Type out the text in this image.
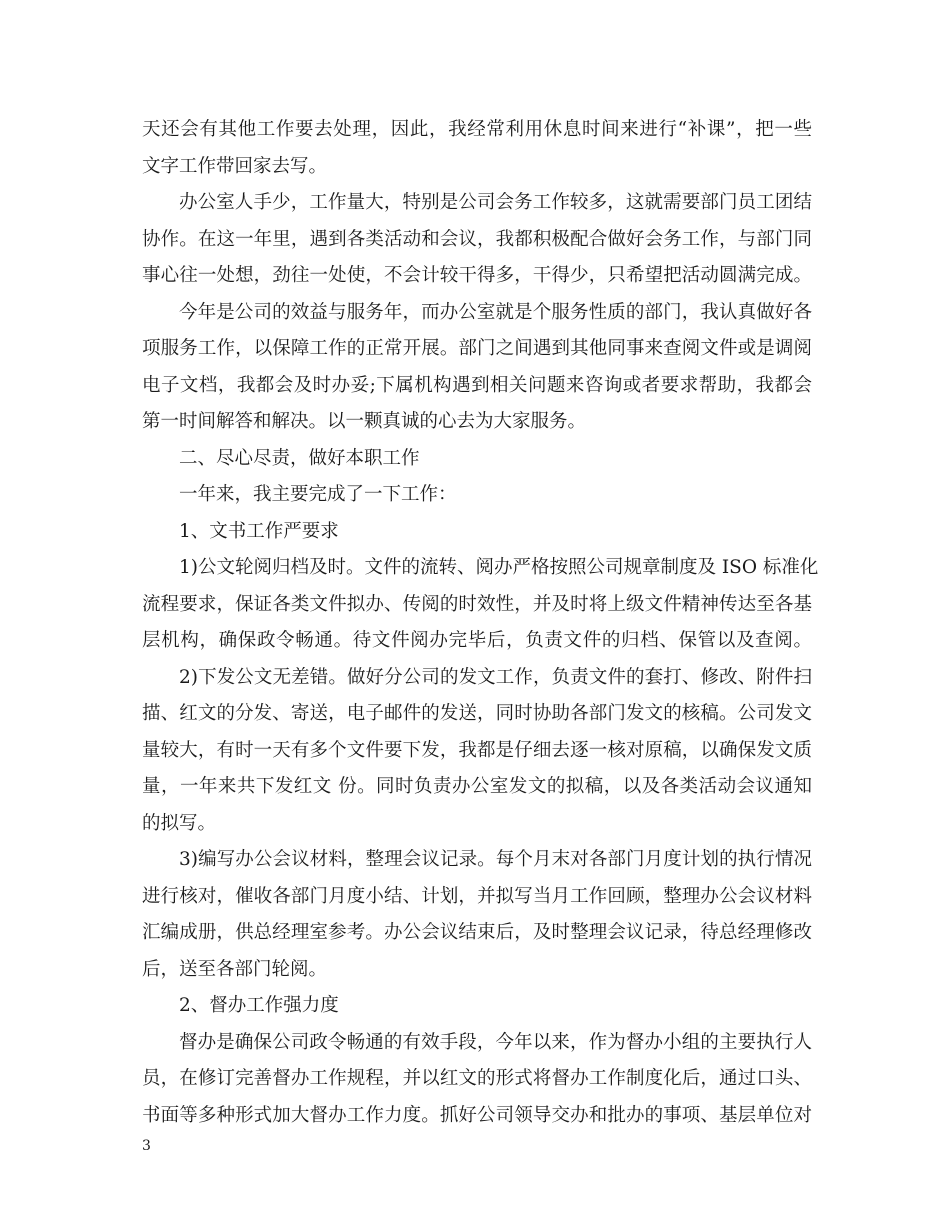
天还会有其他工作要去处理，因此，我经常利用休息时间来进行“补课”，把一些
文字工作带回家去写。
办公室人手少，工作量大，特别是公司会务工作较多，这就需要部门员工团结
协作。在这一年里，遇到各类活动和会议，我都积极配合做好会务工作，与部门同
事心往一处想，劲往一处使，不会计较干得多，干得少，只希望把活动圆满完成。
今年是公司的效益与服务年，而办公室就是个服务性质的部门，我认真做好各
项服务工作，以保障工作的正常开展。部门之间遇到其他同事来查阅文件或是调阅
电子文档，我都会及时办妥;下属机构遇到相关问题来咨询或者要求帮助，我都会
第一时间解答和解决。以一颗真诚的心去为大家服务。
二、尽心尽责，做好本职工作
一年来，我主要完成了一下工作：
1、文书工作严要求
1)公文轮阅归档及时。文件的流转、阅办严格按照公司规章制度及 ISO 标准化
流程要求，保证各类文件拟办、传阅的时效性，并及时将上级文件精神传达至各基
层机构，确保政令畅通。待文件阅办完毕后，负责文件的归档、保管以及查阅。
2)下发公文无差错。做好分公司的发文工作，负责文件的套打、修改、附件扫
描、红文的分发、寄送，电子邮件的发送，同时协助各部门发文的核稿。公司发文
量较大，有时一天有多个文件要下发，我都是仔细去逐一核对原稿，以确保发文质
量，一年来共下发红文 份。同时负责办公室发文的拟稿，以及各类活动会议通知
的拟写。
3)编写办公会议材料，整理会议记录。每个月末对各部门月度计划的执行情况
进行核对，催收各部门月度小结、计划，并拟写当月工作回顾，整理办公会议材料
汇编成册，供总经理室参考。办公会议结束后，及时整理会议记录，待总经理修改
后，送至各部门轮阅。
2、督办工作强力度
督办是确保公司政令畅通的有效手段，今年以来，作为督办小组的主要执行人
员，在修订完善督办工作规程，并以红文的形式将督办工作制度化后，通过口头、
书面等多种形式加大督办工作力度。抓好公司领导交办和批办的事项、基层单位对
3
